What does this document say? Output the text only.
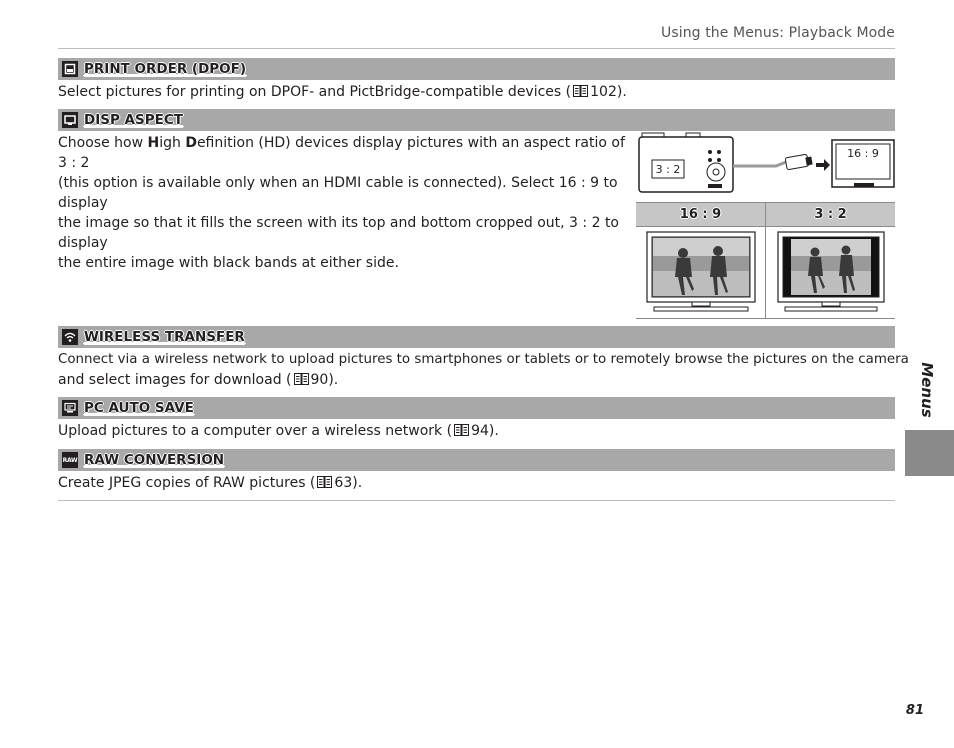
Using the Menus: Playback Mode
PRINT ORDER (DPOF)
Select pictures for printing on DPOF- and PictBridge-compatible devices ( 102).
DISP ASPECT
Choose how High Definition (HD) devices display pictures with an aspect ratio of 3 : 2
(this option is available only when an HDMI cable is connected). Select 16 : 9 to display
the image so that it fills the screen with its top and bottom cropped out, 3 : 2 to display
the entire image with black bands at either side.
3 : 2
16 : 9
16 : 9	3 : 2
WIRELESS TRANSFER
Connect via a wireless network to upload pictures to smartphones or tablets or to remotely browse the pictures on the camera
and select images for download ( 90).
PC AUTO SAVE
Upload pictures to a computer over a wireless network ( 94).
RAW RAW CONVERSION
Create JPEG copies of RAW pictures ( 63).
Menus
81
